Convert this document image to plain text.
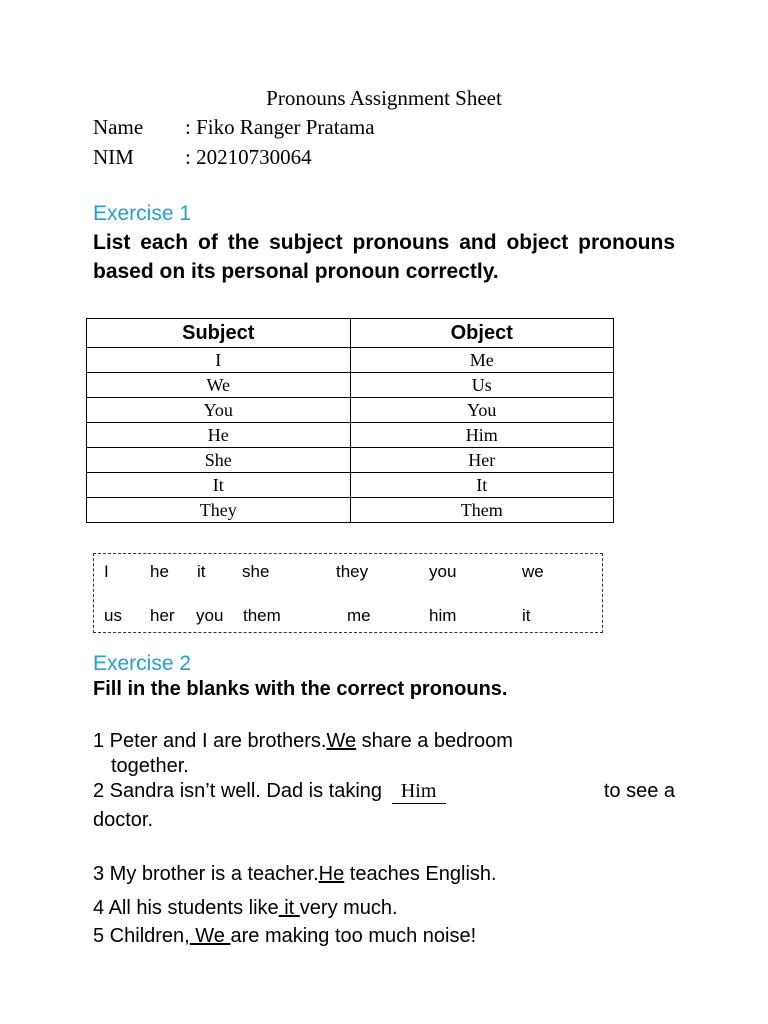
Pronouns Assignment Sheet
Name : Fiko Ranger Pratama
NIM : 20210730064
Exercise 1
List each of the subject pronouns and object pronouns based on its personal pronoun correctly.
Subject	Object
I	Me
We	Us
You	You
He	Him
She	Her
It	It
They	Them
I he it she	they	you	we
us her you them	me	him	it
Exercise 2
Fill in the blanks with the correct pronouns.
1 Peter and I are brothers.We share a bedroom
together.
2 Sandra isn’t well. Dad is taking Him	to see a
doctor.
3 My brother is a teacher.He teaches English.
4 All his students like it very much.
5 Children, We are making too much noise!
